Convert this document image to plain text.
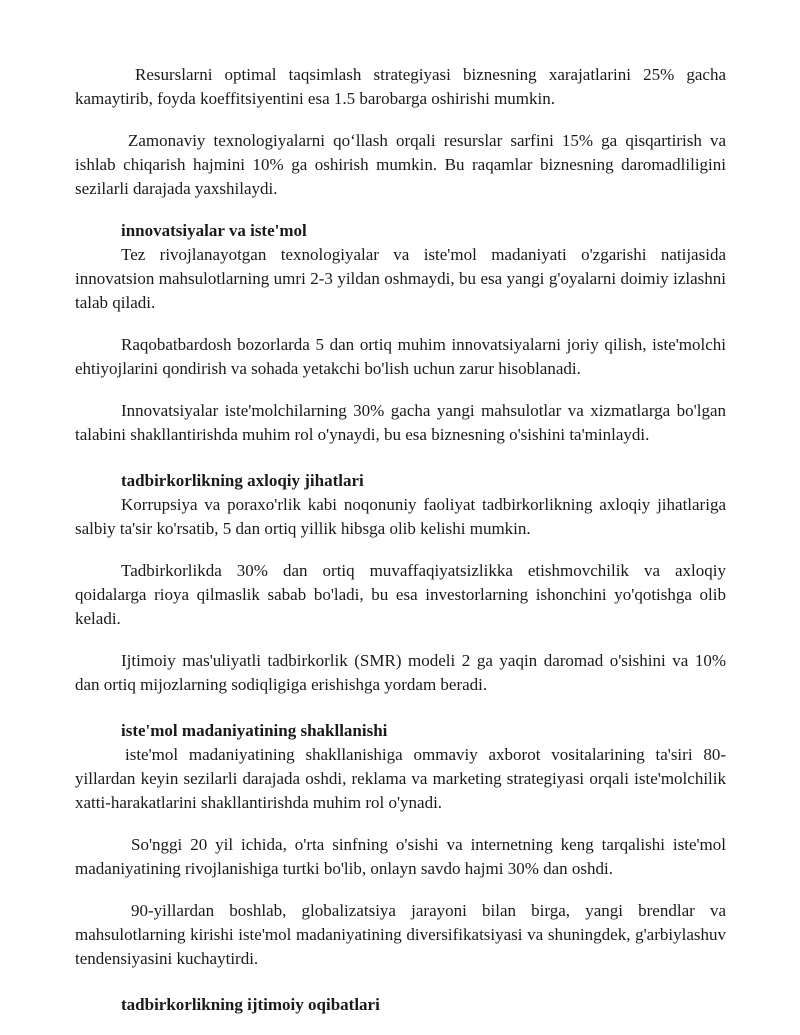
Resurslarni optimal taqsimlash strategiyasi biznesning xarajatlarini 25% gacha kamaytirib, foyda koeffitsiyentini esa 1.5 barobarga oshirishi mumkin.

Zamonaviy texnologiyalarni qo‘llash orqali resurslar sarfini 15% ga qisqartirish va ishlab chiqarish hajmini 10% ga oshirish mumkin. Bu raqamlar biznesning daromadliligini sezilarli darajada yaxshilaydi.

innovatsiyalar va iste'mol

Tez rivojlanayotgan texnologiyalar va iste'mol madaniyati o'zgarishi natijasida innovatsion mahsulotlarning umri 2-3 yildan oshmaydi, bu esa yangi g'oyalarni doimiy izlashni talab qiladi.

Raqobatbardosh bozorlarda 5 dan ortiq muhim innovatsiyalarni joriy qilish, iste'molchi ehtiyojlarini qondirish va sohada yetakchi bo'lish uchun zarur hisoblanadi.

Innovatsiyalar iste'molchilarning 30% gacha yangi mahsulotlar va xizmatlarga bo'lgan talabini shakllantirishda muhim rol o'ynaydi, bu esa biznesning o'sishini ta'minlaydi.

tadbirkorlikning axloqiy jihatlari

Korrupsiya va poraxo'rlik kabi noqonuniy faoliyat tadbirkorlikning axloqiy jihatlariga salbiy ta'sir ko'rsatib, 5 dan ortiq yillik hibsga olib kelishi mumkin.

Tadbirkorlikda 30% dan ortiq muvaffaqiyatsizlikka etishmovchilik va axloqiy qoidalarga rioya qilmaslik sabab bo'ladi, bu esa investorlarning ishonchini yo'qotishga olib keladi.

Ijtimoiy mas'uliyatli tadbirkorlik (SMR) modeli 2 ga yaqin daromad o'sishini va 10% dan ortiq mijozlarning sodiqligiga erishishga yordam beradi.

iste'mol madaniyatining shakllanishi

iste'mol madaniyatining shakllanishiga ommaviy axborot vositalarining ta'siri 80-yillardan keyin sezilarli darajada oshdi, reklama va marketing strategiyasi orqali iste'molchilik xatti-harakatlarini shakllantirishda muhim rol o'ynadi.

So'nggi 20 yil ichida, o'rta sinfning o'sishi va internetning keng tarqalishi iste'mol madaniyatining rivojlanishiga turtki bo'lib, onlayn savdo hajmi 30% dan oshdi.

90-yillardan boshlab, globalizatsiya jarayoni bilan birga, yangi brendlar va mahsulotlarning kirishi iste'mol madaniyatining diversifikatsiyasi va shuningdek, g'arbiylashuv tendensiyasini kuchaytirdi.

tadbirkorlikning ijtimoiy oqibatlari
